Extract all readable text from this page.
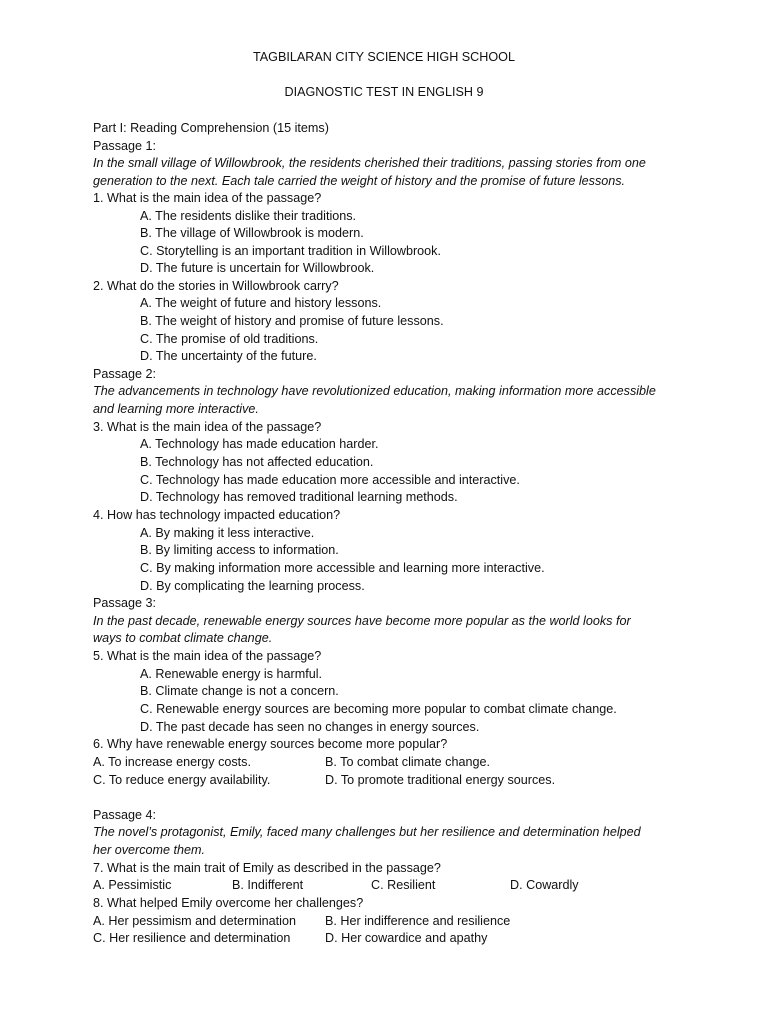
TAGBILARAN CITY SCIENCE HIGH SCHOOL
DIAGNOSTIC TEST IN ENGLISH 9
Part I: Reading Comprehension (15 items)
Passage 1:
In the small village of Willowbrook, the residents cherished their traditions, passing stories from one
generation to the next. Each tale carried the weight of history and the promise of future lessons.
1. What is the main idea of the passage?
A. The residents dislike their traditions.
B. The village of Willowbrook is modern.
C. Storytelling is an important tradition in Willowbrook.
D. The future is uncertain for Willowbrook.
2. What do the stories in Willowbrook carry?
A. The weight of future and history lessons.
B. The weight of history and promise of future lessons.
C. The promise of old traditions.
D. The uncertainty of the future.
Passage 2:
The advancements in technology have revolutionized education, making information more accessible
and learning more interactive.
3. What is the main idea of the passage?
A. Technology has made education harder.
B. Technology has not affected education.
C. Technology has made education more accessible and interactive.
D. Technology has removed traditional learning methods.
4. How has technology impacted education?
A. By making it less interactive.
B. By limiting access to information.
C. By making information more accessible and learning more interactive.
D. By complicating the learning process.
Passage 3:
In the past decade, renewable energy sources have become more popular as the world looks for
ways to combat climate change.
5. What is the main idea of the passage?
A. Renewable energy is harmful.
B. Climate change is not a concern.
C. Renewable energy sources are becoming more popular to combat climate change.
D. The past decade has seen no changes in energy sources.
6. Why have renewable energy sources become more popular?
A. To increase energy costs.	B. To combat climate change.
C. To reduce energy availability.	D. To promote traditional energy sources.
Passage 4:
The novel’s protagonist, Emily, faced many challenges but her resilience and determination helped
her overcome them.
7. What is the main trait of Emily as described in the passage?
A. Pessimistic	B. Indifferent	C. Resilient	D. Cowardly
8. What helped Emily overcome her challenges?
A. Her pessimism and determination B. Her indifference and resilience
C. Her resilience and determination	D. Her cowardice and apathy
